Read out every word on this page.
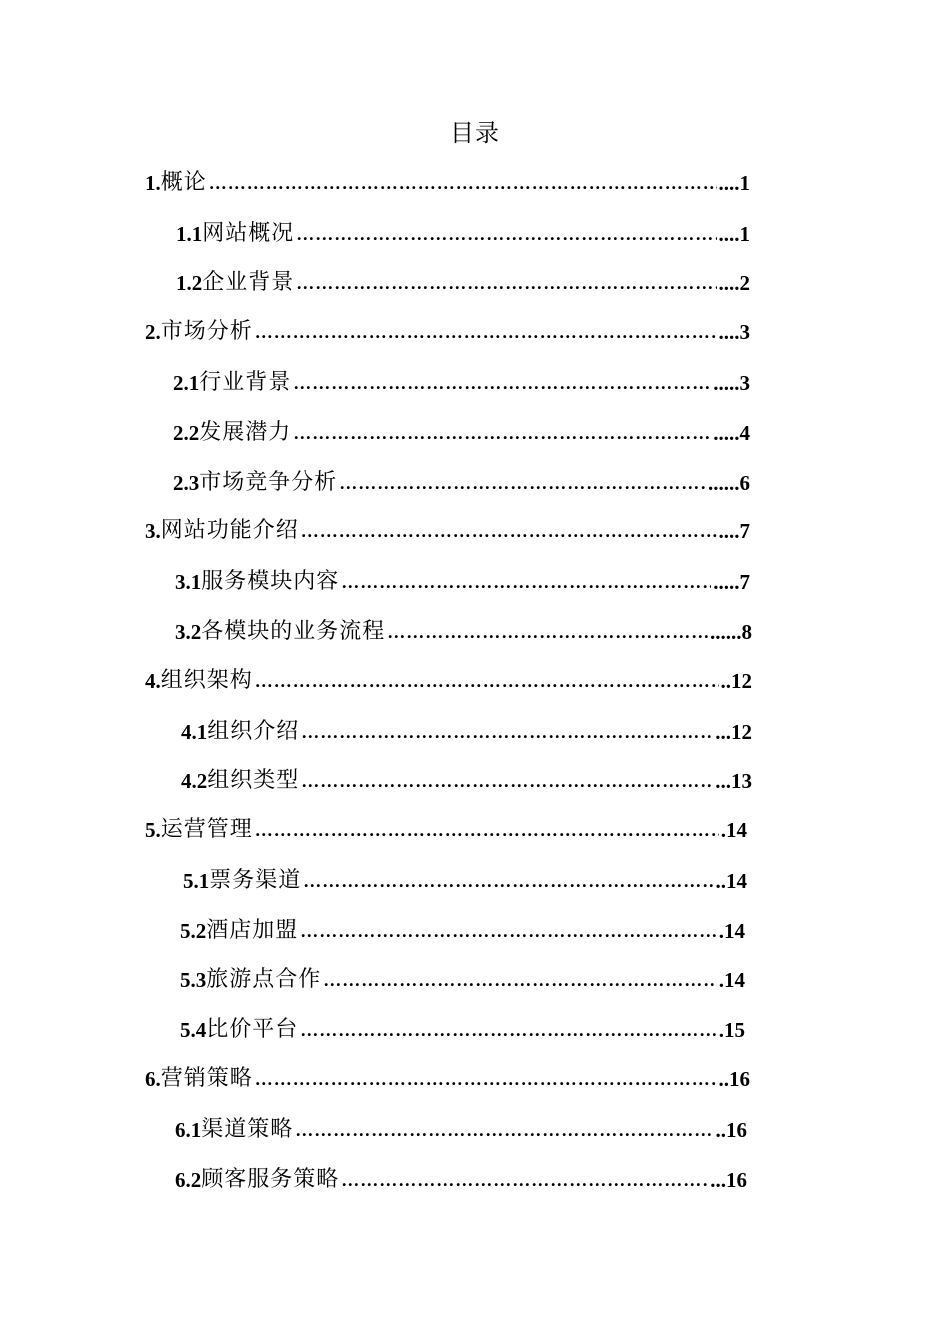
目录
1. 概论 …………………………………………………………………………………………………………………………………………………………………………	....1
1.1 网站概况 …………………………………………………………………………………………………………………………………………………………………………	....1
1.2 企业背景 …………………………………………………………………………………………………………………………………………………………………………	....2
2. 市场分析 …………………………………………………………………………………………………………………………………………………………………………	....3
2.1 行业背景 …………………………………………………………………………………………………………………………………………………………………………	.....3
2.2 发展潜力 …………………………………………………………………………………………………………………………………………………………………………	.....4
2.3 市场竞争分析 …………………………………………………………………………………………………………………………………………………………………………	......6
3. 网站功能介绍 …………………………………………………………………………………………………………………………………………………………………………	....7
3.1 服务模块内容 …………………………………………………………………………………………………………………………………………………………………………	.....7
3.2 各模块的业务流程 …………………………………………………………………………………………………………………………………………………………………………	......8
4. 组织架构 …………………………………………………………………………………………………………………………………………………………………………	..12
4.1 组织介绍 …………………………………………………………………………………………………………………………………………………………………………	...12
4.2 组织类型 …………………………………………………………………………………………………………………………………………………………………………	...13
5. 运营管理 …………………………………………………………………………………………………………………………………………………………………………	.14
5.1 票务渠道 …………………………………………………………………………………………………………………………………………………………………………	..14
5.2 酒店加盟 …………………………………………………………………………………………………………………………………………………………………………	.14
5.3 旅游点合作 …………………………………………………………………………………………………………………………………………………………………………	.14
5.4 比价平台 …………………………………………………………………………………………………………………………………………………………………………	.15
6. 营销策略 …………………………………………………………………………………………………………………………………………………………………………	..16
6.1 渠道策略 …………………………………………………………………………………………………………………………………………………………………………	..16
6.2 顾客服务策略 …………………………………………………………………………………………………………………………………………………………………………	...16
